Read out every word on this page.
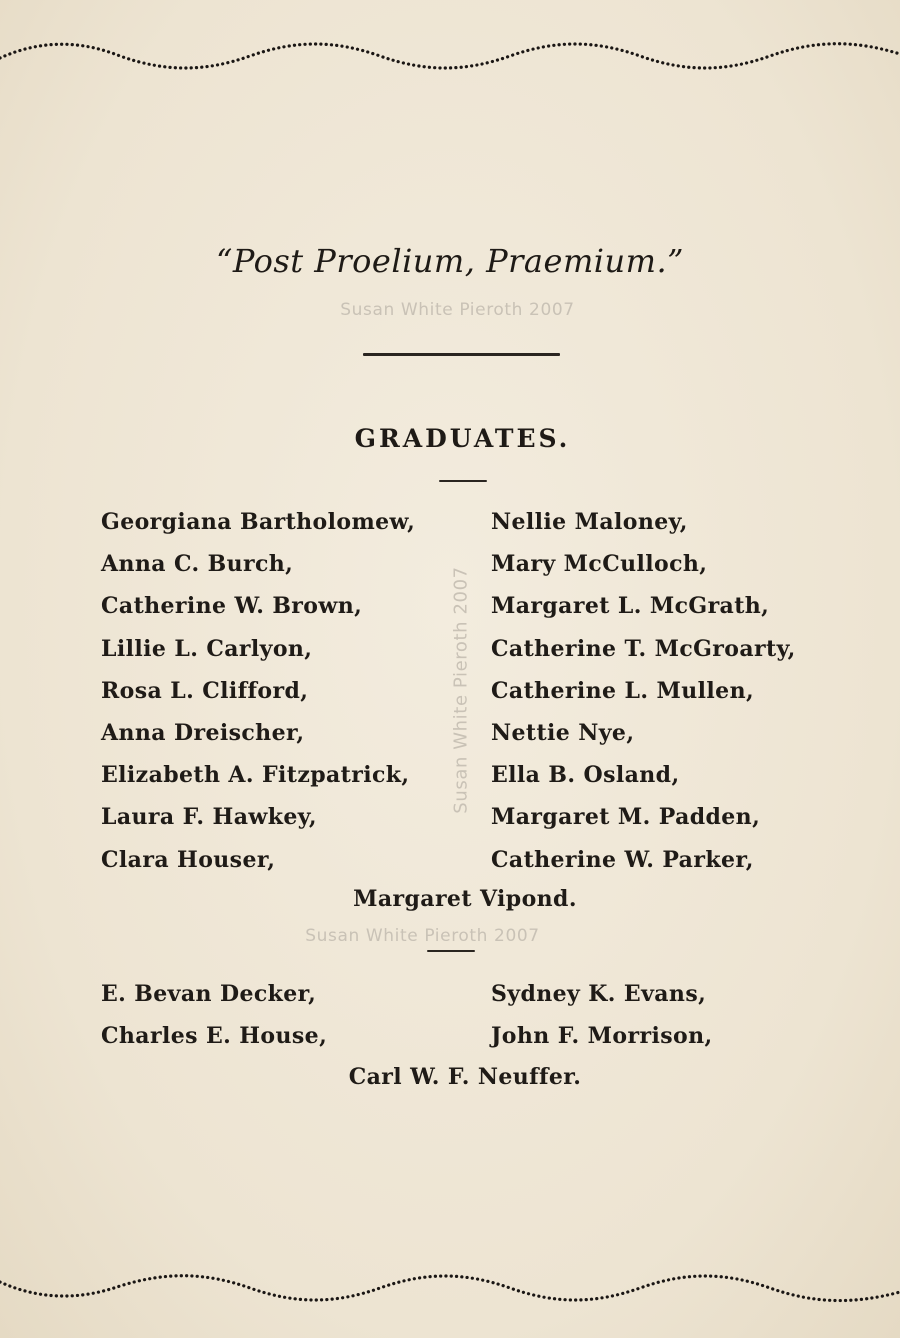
“Post Proelium, Praemium.”
Susan White Pieroth 2007
GRADUATES.
Georgiana Bartholomew,
Anna C. Burch,
Catherine W. Brown,
Lillie L. Carlyon,
Rosa L. Clifford,
Anna Dreischer,
Elizabeth A. Fitzpatrick,
Laura F. Hawkey,
Clara Houser,
Susan White Pieroth 2007
Nellie Maloney,
Mary McCulloch,
Margaret L. McGrath,
Catherine T. McGroarty,
Catherine L. Mullen,
Nettie Nye,
Ella B. Osland,
Margaret M. Padden,
Catherine W. Parker,
Margaret Vipond.
Susan White Pieroth 2007
E. Bevan Decker,
Charles E. House,
Sydney K. Evans,
John F. Morrison,
Carl W. F. Neuffer.
